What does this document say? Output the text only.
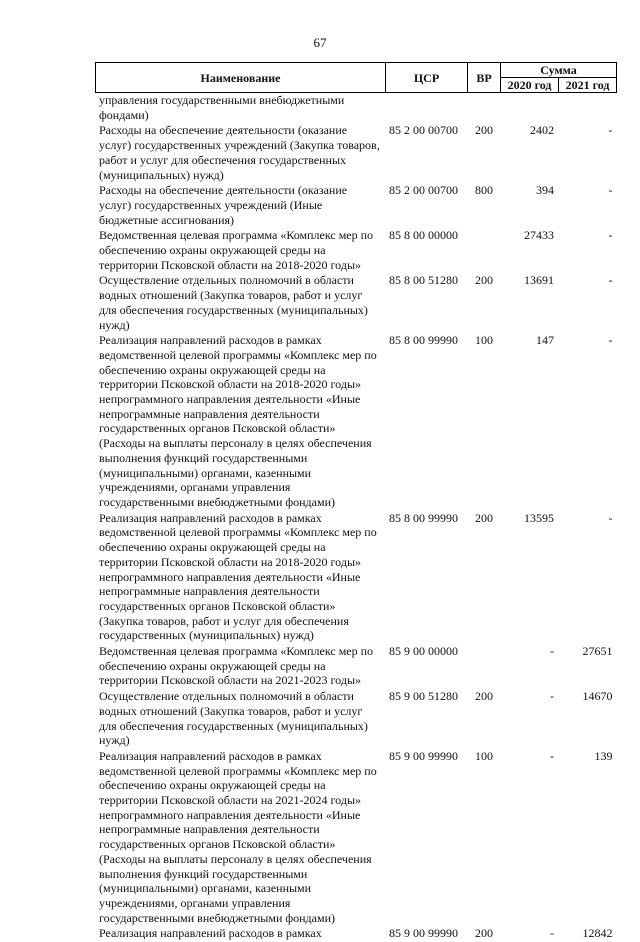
67
Наименование	ЦСР	ВР	Сумма	
			2020 год	2021 год
управления государственными внебюджетными фондами)				
Расходы на обеспечение деятельности (оказание услуг) государственных учреждений (Закупка товаров, работ и услуг для обеспечения государственных (муниципальных) нужд)	85 2 00 00700	200	2402	-
Расходы на обеспечение деятельности (оказание услуг) государственных учреждений (Иные бюджетные ассигнования)	85 2 00 00700	800	394	-
Ведомственная целевая программа «Комплекс мер по обеспечению охраны окружающей среды на территории Псковской области на 2018-2020 годы»	85 8 00 00000		27433	-
Осуществление отдельных полномочий в области водных отношений (Закупка товаров, работ и услуг для обеспечения государственных (муниципальных) нужд)	85 8 00 51280	200	13691	-
Реализация направлений расходов в рамках ведомственной целевой программы «Комплекс мер по обеспечению охраны окружающей среды на территории Псковской области на 2018-2020 годы» непрограммного направления деятельности «Иные непрограммные направления деятельности государственных органов Псковской области» (Расходы на выплаты персоналу в целях обеспечения выполнения функций государственными (муниципальными) органами, казенными учреждениями, органами управления государственными внебюджетными фондами)	85 8 00 99990	100	147	-
Реализация направлений расходов в рамках ведомственной целевой программы «Комплекс мер по обеспечению охраны окружающей среды на территории Псковской области на 2018-2020 годы» непрограммного направления деятельности «Иные непрограммные направления деятельности государственных органов Псковской области» (Закупка товаров, работ и услуг для обеспечения государственных (муниципальных) нужд)	85 8 00 99990	200	13595	-
Ведомственная целевая программа «Комплекс мер по обеспечению охраны окружающей среды на территории Псковской области на 2021-2023 годы»	85 9 00 00000		-	27651
Осуществление отдельных полномочий в области водных отношений (Закупка товаров, работ и услуг для обеспечения государственных (муниципальных) нужд)	85 9 00 51280	200	-	14670
Реализация направлений расходов в рамках ведомственной целевой программы «Комплекс мер по обеспечению охраны окружающей среды на территории Псковской области на 2021-2024 годы» непрограммного направления деятельности «Иные непрограммные направления деятельности государственных органов Псковской области» (Расходы на выплаты персоналу в целях обеспечения выполнения функций государственными (муниципальными) органами, казенными учреждениями, органами управления государственными внебюджетными фондами)	85 9 00 99990	100	-	139
Реализация направлений расходов в рамках	85 9 00 99990	200	-	12842
